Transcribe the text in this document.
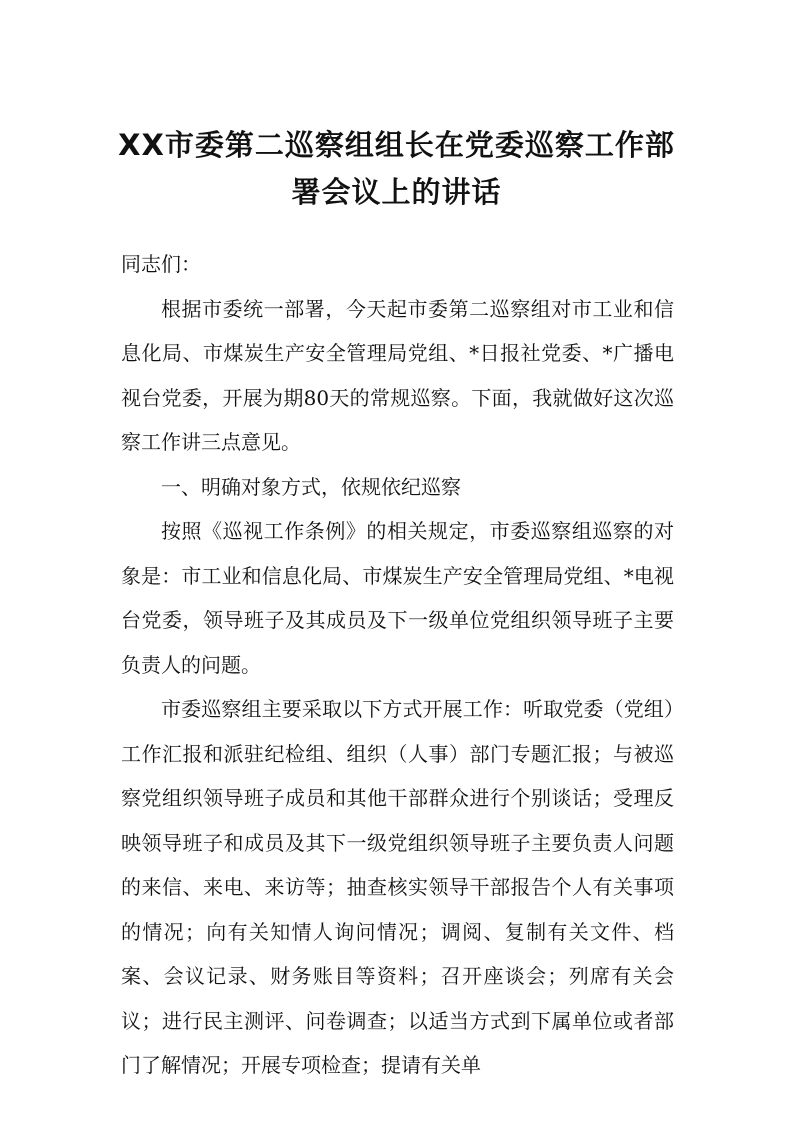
XX市委第二巡察组组长在党委巡察工作部
署会议上的讲话

同志们：

根据市委统一部署，今天起市委第二巡察组对市工业和信息化局、市煤炭生产安全管理局党组、*日报社党委、*广播电视台党委，开展为期80天的常规巡察。下面，我就做好这次巡察工作讲三点意见。

一、明确对象方式，依规依纪巡察

按照《巡视工作条例》的相关规定，市委巡察组巡察的对象是：市工业和信息化局、市煤炭生产安全管理局党组、*电视台党委，领导班子及其成员及下一级单位党组织领导班子主要负责人的问题。

市委巡察组主要采取以下方式开展工作：听取党委（党组）工作汇报和派驻纪检组、组织（人事）部门专题汇报；与被巡察党组织领导班子成员和其他干部群众进行个别谈话；受理反映领导班子和成员及其下一级党组织领导班子主要负责人问题的来信、来电、来访等；抽查核实领导干部报告个人有关事项的情况；向有关知情人询问情况；调阅、复制有关文件、档案、会议记录、财务账目等资料；召开座谈会；列席有关会议；进行民主测评、问卷调查；以适当方式到下属单位或者部门了解情况；开展专项检查；提请有关单
